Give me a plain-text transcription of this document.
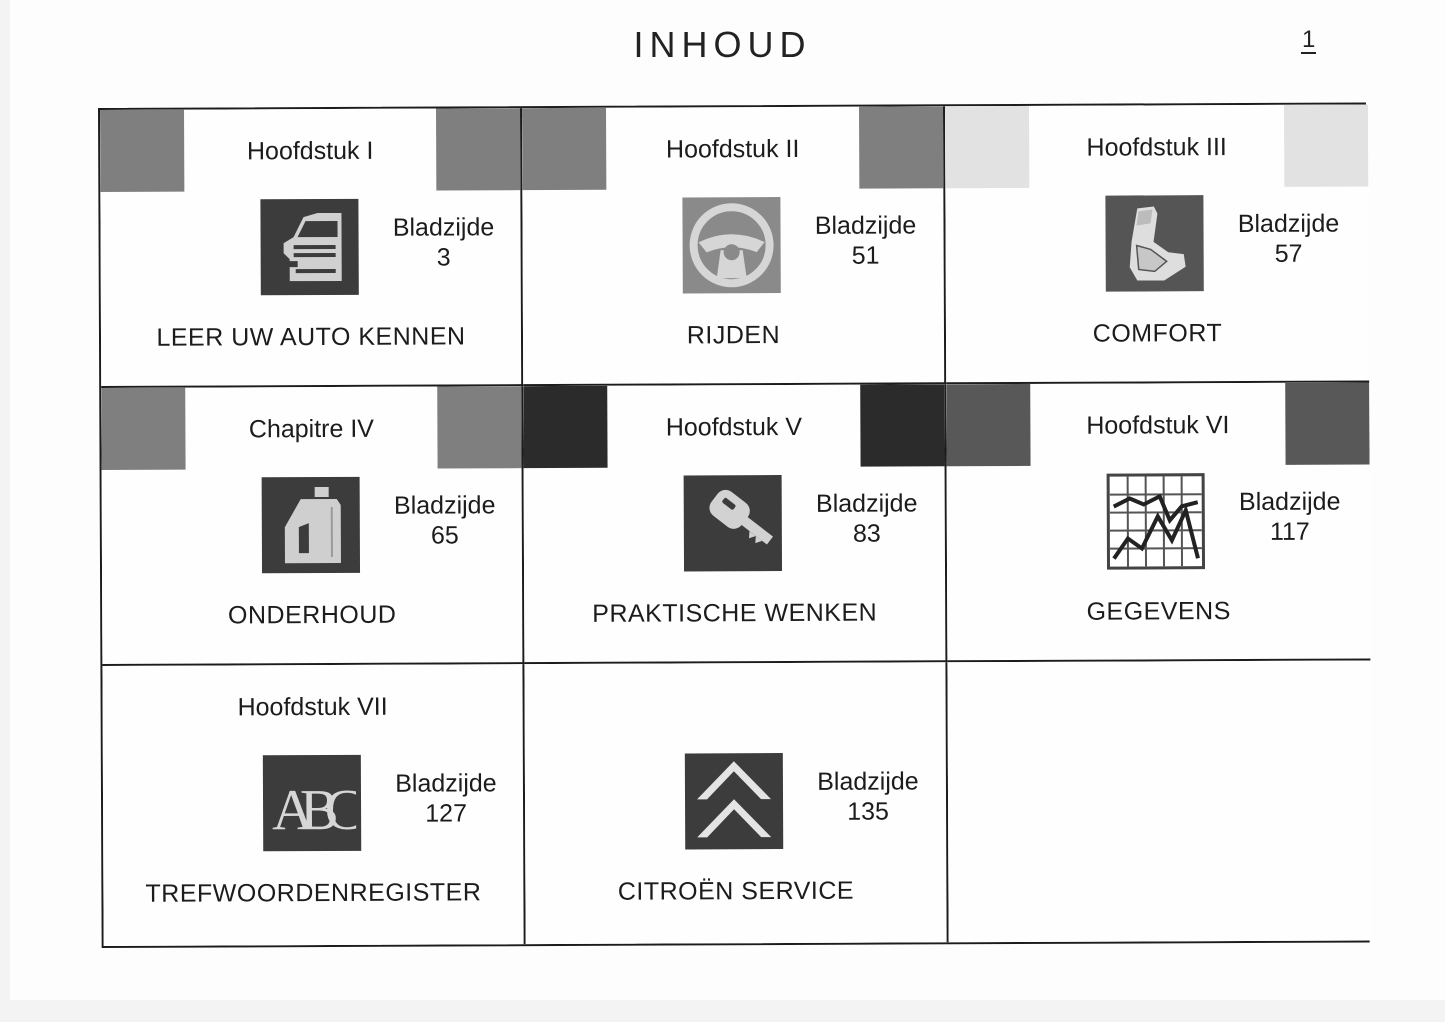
INHOUD	1
Hoofdstuk I
Bladzijde
3
LEER UW AUTO KENNEN
Hoofdstuk II
Bladzijde
51
RIJDEN
Hoofdstuk III
Bladzijde
57
COMFORT
Chapitre IV
Bladzijde
65
ONDERHOUD
Hoofdstuk V
Bladzijde
83
PRAKTISCHE WENKEN
Hoofdstuk VI
Bladzijde
117
GEGEVENS
Hoofdstuk VII
ABC	Bladzijde
127
TREFWOORDENREGISTER
Bladzijde
135
CITROËN SERVICE
